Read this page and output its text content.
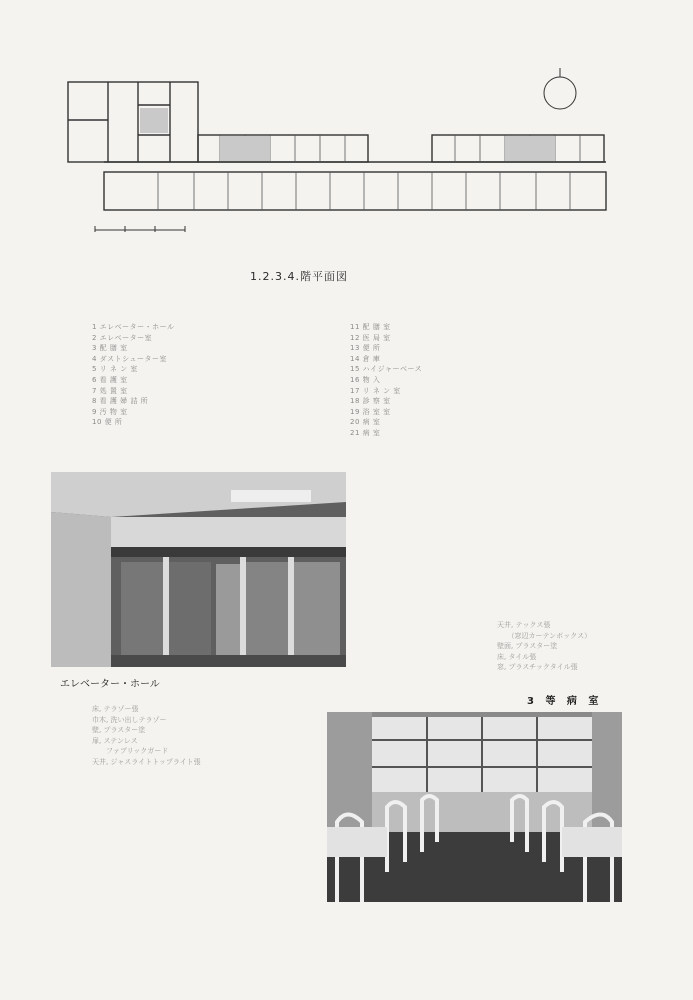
1.2.3.4.階平面図
1 エレベーター・ホール
2 エレベーター室
3 配 膳 室
4 ダストシューター室
5 リ ネ ン 室
6 看 護 室
7 処 置 室
8 看 護 婦 詰 所
9 汚 物 室
10 便 所
11 配 膳 室
12 医 局 室
13 便 所
14 倉 庫
15 ハイジャーベース
16 物 入
17 リ ネ ン 室
18 診 察 室
19 浴 室 室
20 病 室
21 病 室
エレベーター・ホール
天井, テックス張
　　（窓辺カーテンボックス）
壁面, プラスター塗
床, タイル張
窓, プラスチックタイル張
3 等 病 室
床, テラゾー張
巾木, 洗い出しテラゾー
壁, プラスター塗
扉, ステンレス
　　ファブリックガード
天井, ジャスライトトップライト張
